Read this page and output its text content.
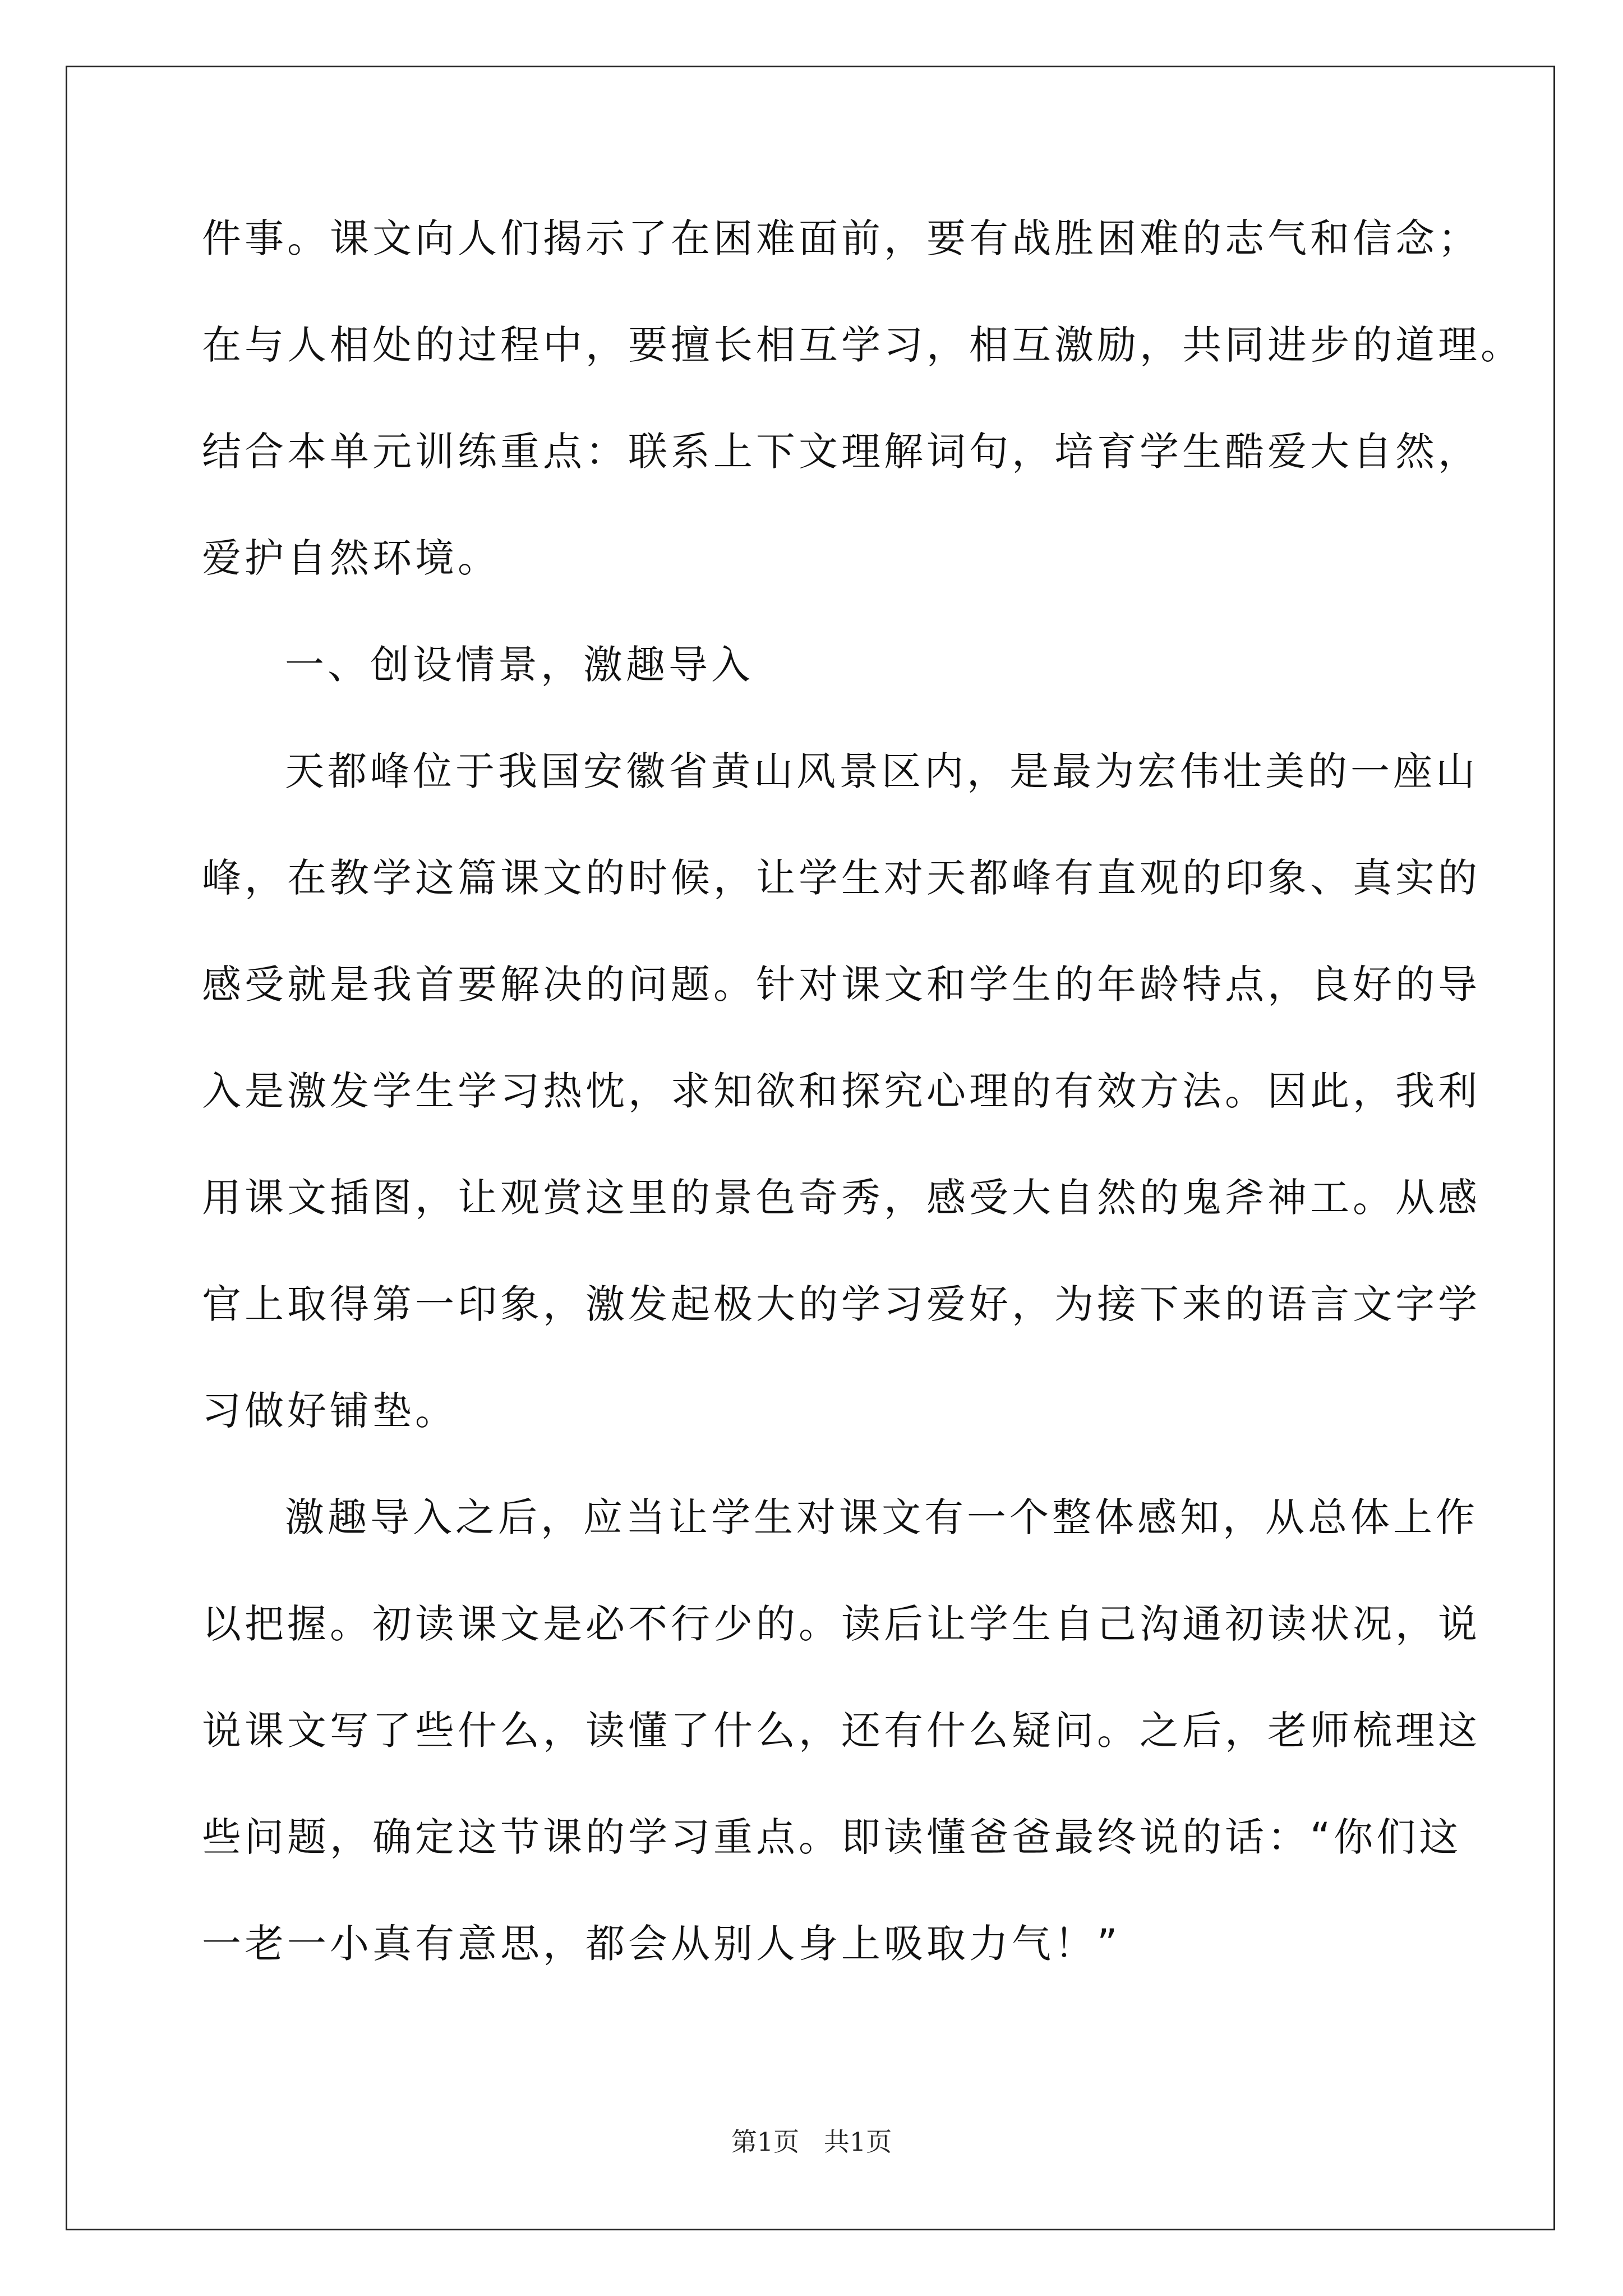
件事。课文向人们揭示了在困难面前，要有战胜困难的志气和信念；
在与人相处的过程中，要擅长相互学习，相互激励，共同进步的道理。
结合本单元训练重点：联系上下文理解词句，培育学生酷爱大自然，
爱护自然环境。
一、创设情景，激趣导入
天都峰位于我国安徽省黄山风景区内，是最为宏伟壮美的一座山
峰，在教学这篇课文的时候，让学生对天都峰有直观的印象、真实的
感受就是我首要解决的问题。针对课文和学生的年龄特点，良好的导
入是激发学生学习热忱，求知欲和探究心理的有效方法。因此，我利
用课文插图，让观赏这里的景色奇秀，感受大自然的鬼斧神工。从感
官上取得第一印象，激发起极大的学习爱好，为接下来的语言文字学
习做好铺垫。
激趣导入之后，应当让学生对课文有一个整体感知，从总体上作
以把握。初读课文是必不行少的。读后让学生自己沟通初读状况，说
说课文写了些什么，读懂了什么，还有什么疑问。之后，老师梳理这
些问题，确定这节课的学习重点。即读懂爸爸最终说的话：“你们这
一老一小真有意思，都会从别人身上吸取力气！”
第1页   共1页
